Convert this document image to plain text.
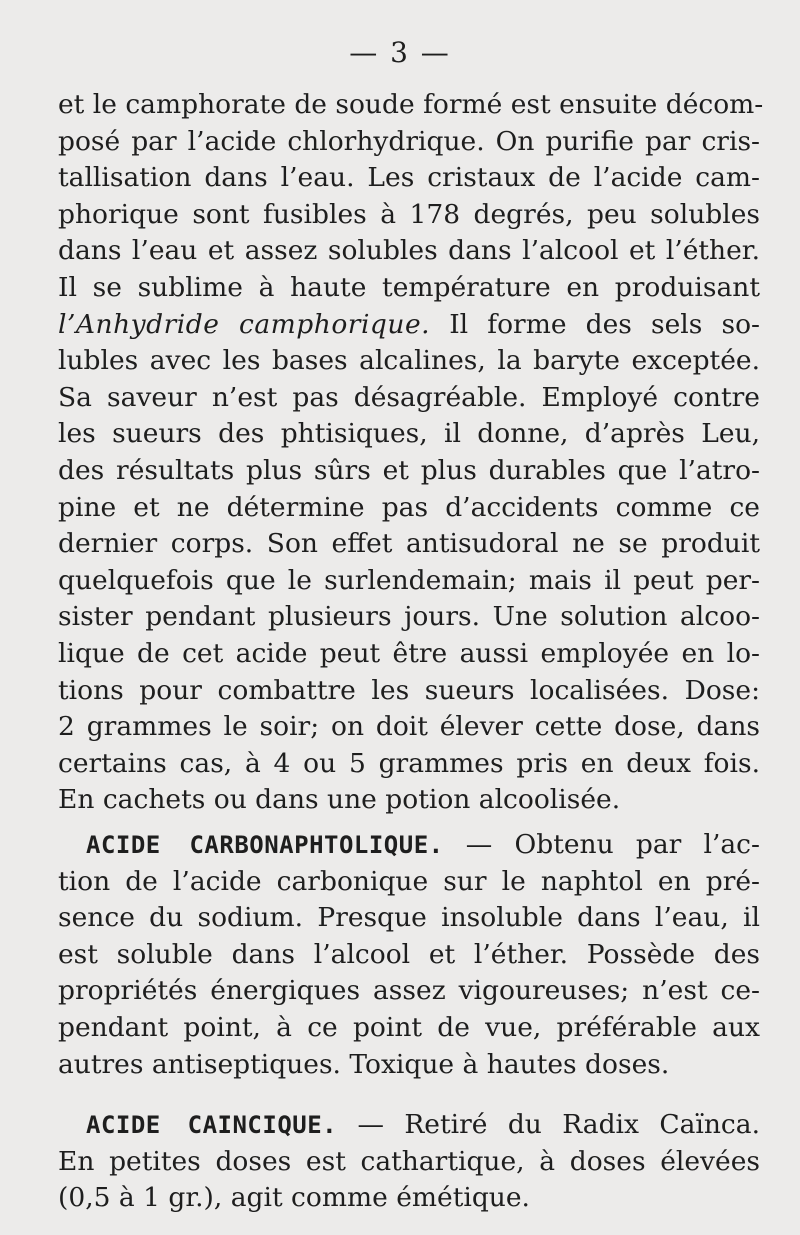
— 3 —
et le camphorate de soude formé est ensuite décom-
posé par l’acide chlorhydrique. On purifie par cris-
tallisation dans l’eau. Les cristaux de l’acide cam-
phorique sont fusibles à 178 degrés, peu solubles
dans l’eau et assez solubles dans l’alcool et l’éther.
Il se sublime à haute température en produisant
l’Anhydride camphorique. Il forme des sels so-
lubles avec les bases alcalines, la baryte exceptée.
Sa saveur n’est pas désagréable. Employé contre
les sueurs des phtisiques, il donne, d’après Leu,
des résultats plus sûrs et plus durables que l’atro-
pine et ne détermine pas d’accidents comme ce
dernier corps. Son effet antisudoral ne se produit
quelquefois que le surlendemain; mais il peut per-
sister pendant plusieurs jours. Une solution alcoo-
lique de cet acide peut être aussi employée en lo-
tions pour combattre les sueurs localisées. Dose:
2 grammes le soir; on doit élever cette dose, dans
certains cas, à 4 ou 5 grammes pris en deux fois.
En cachets ou dans une potion alcoolisée.
ACIDE CARBONAPHTOLIQUE. — Obtenu par l’ac-
tion de l’acide carbonique sur le naphtol en pré-
sence du sodium. Presque insoluble dans l’eau, il
est soluble dans l’alcool et l’éther. Possède des
propriétés énergiques assez vigoureuses; n’est ce-
pendant point, à ce point de vue, préférable aux
autres antiseptiques. Toxique à hautes doses.
ACIDE CAINCIQUE. — Retiré du Radix Caïnca.
En petites doses est cathartique, à doses élevées
(0,5 à 1 gr.), agit comme émétique.
